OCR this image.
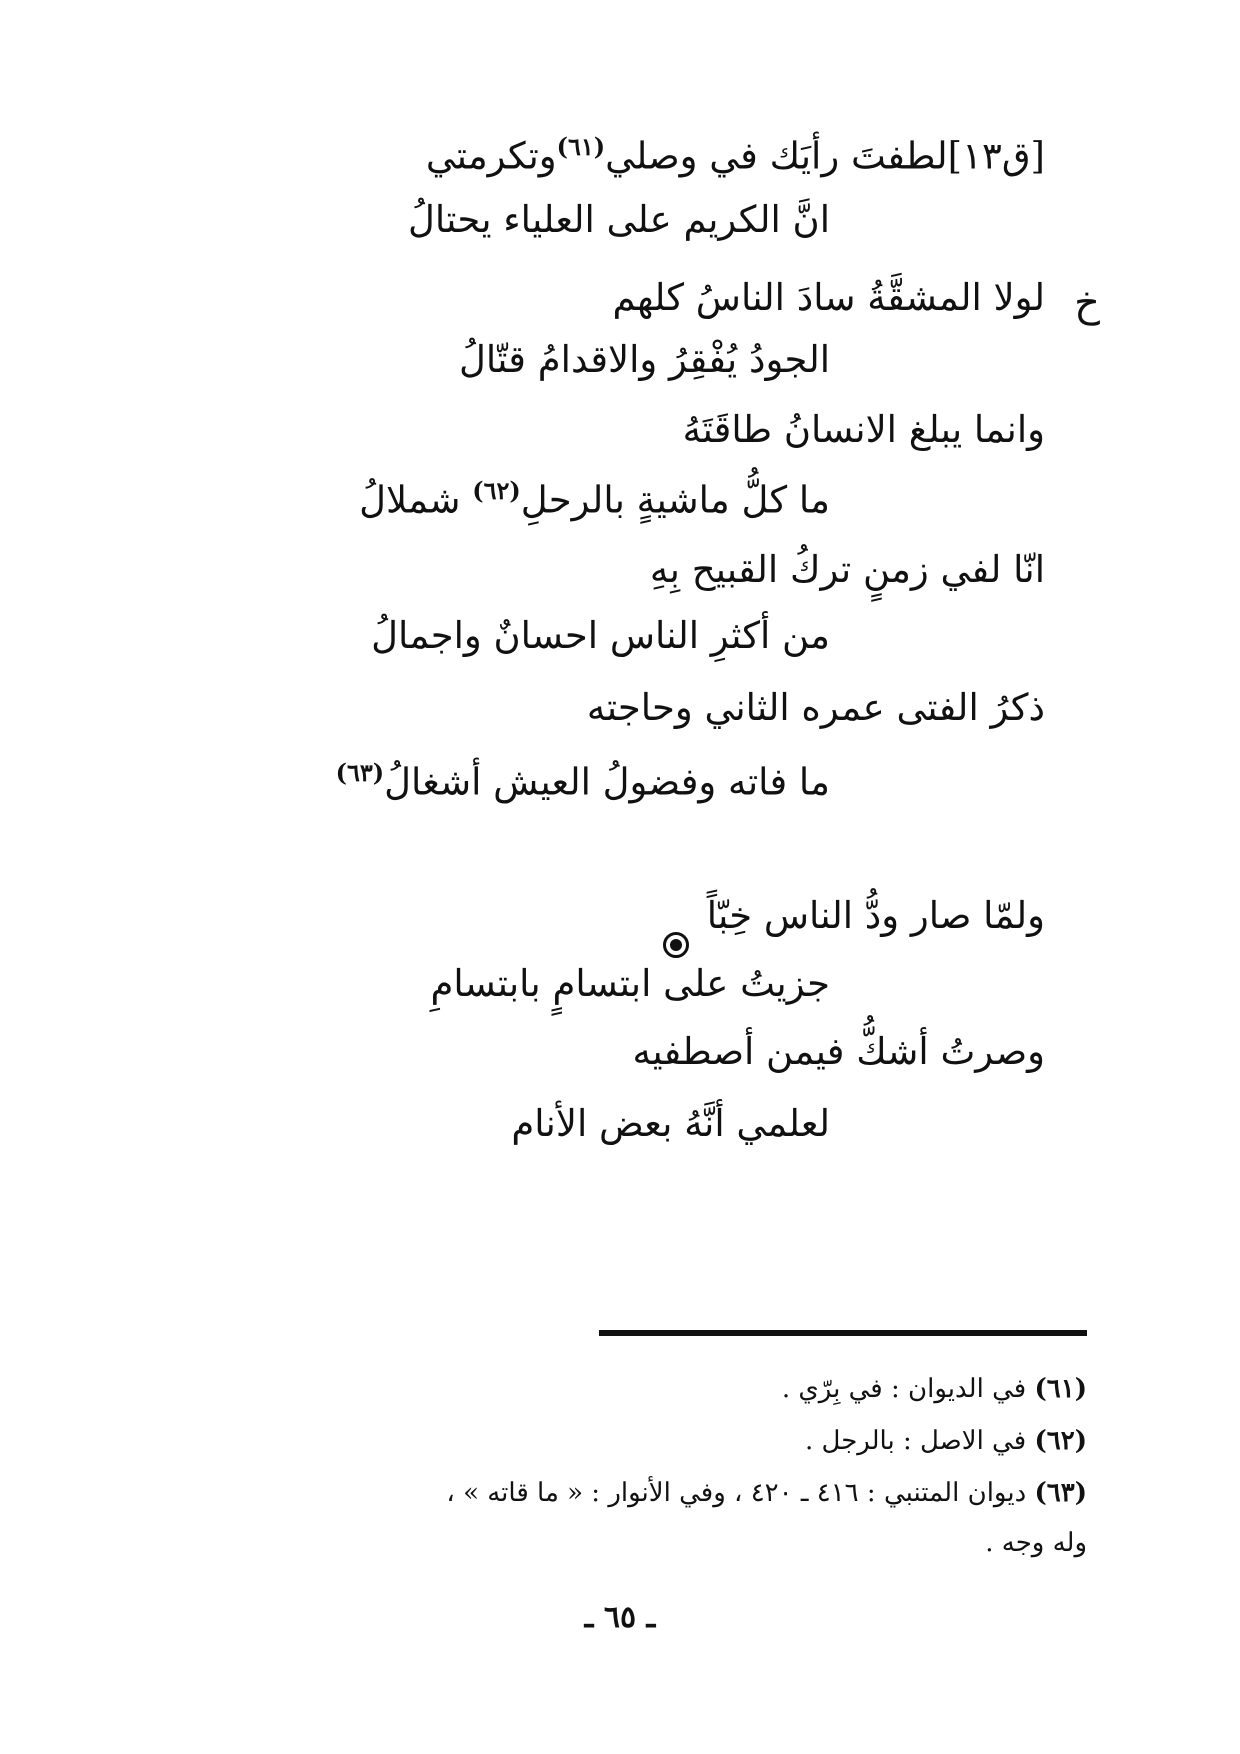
[ق١٣]لطفتَ رأيَك في وصلي$^{(٦١)}$وتكرمتي
انَّ الكريم على العلياء يحتالُ
خ
لولا المشقَّةُ سادَ الناسُ كلهم
الجودُ يُفْقِرُ والاقدامُ قتّالُ
وانما يبلغ الانسانُ طاقَتَهُ
ما كلُّ ماشيةٍ بالرحلِ$^{(٦٢)}$ شملالُ
انّا لفي زمنٍ تركُ القبيح بِهِ
من أكثرِ الناس احسانٌ واجمالُ
ذكرُ الفتى عمره الثاني وحاجته
ما فاته وفضولُ العيش أشغالُ$^{(٦٣)}$
ولمّا صار ودُّ الناس خِبّاً
جزيتُ على ابتسامٍ بابتسامِ
وصرتُ أشكُّ فيمن أصطفيه
لعلمي أنَّهُ بعض الأنام
(٦١) في الديوان : في بِرّي .
(٦٢) في الاصل : بالرجل .
(٦٣) ديوان المتنبي : ٤١٦ ـ ٤٢٠ ، وفي الأنوار : « ما قاته » ،
وله وجه .
ـ ٦٥ ـ
